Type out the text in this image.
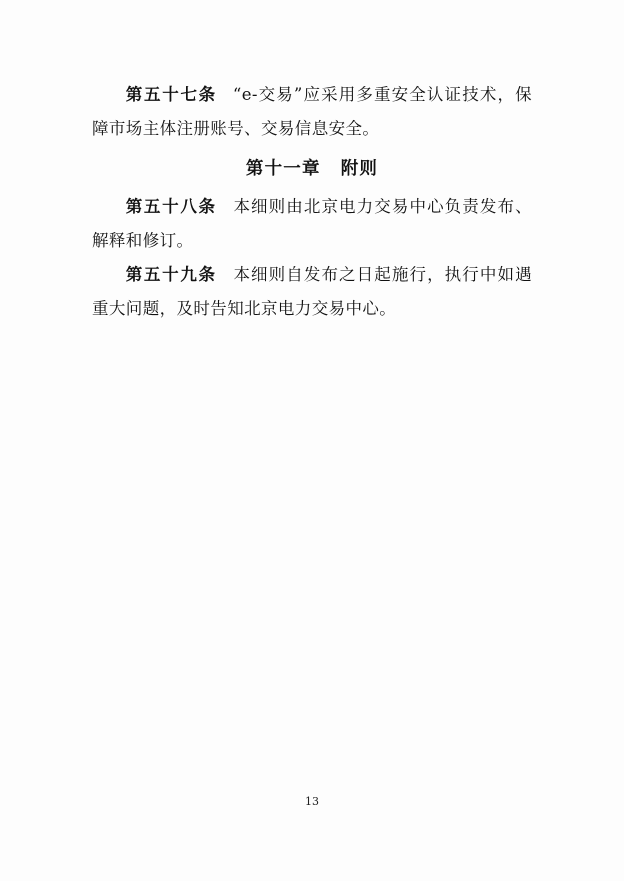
第五十七条 “e-交易”应采用多重安全认证技术，保障市场主体注册账号、交易信息安全。

第十一章 附则

第五十八条 本细则由北京电力交易中心负责发布、解释和修订。

第五十九条 本细则自发布之日起施行，执行中如遇重大问题，及时告知北京电力交易中心。

13
